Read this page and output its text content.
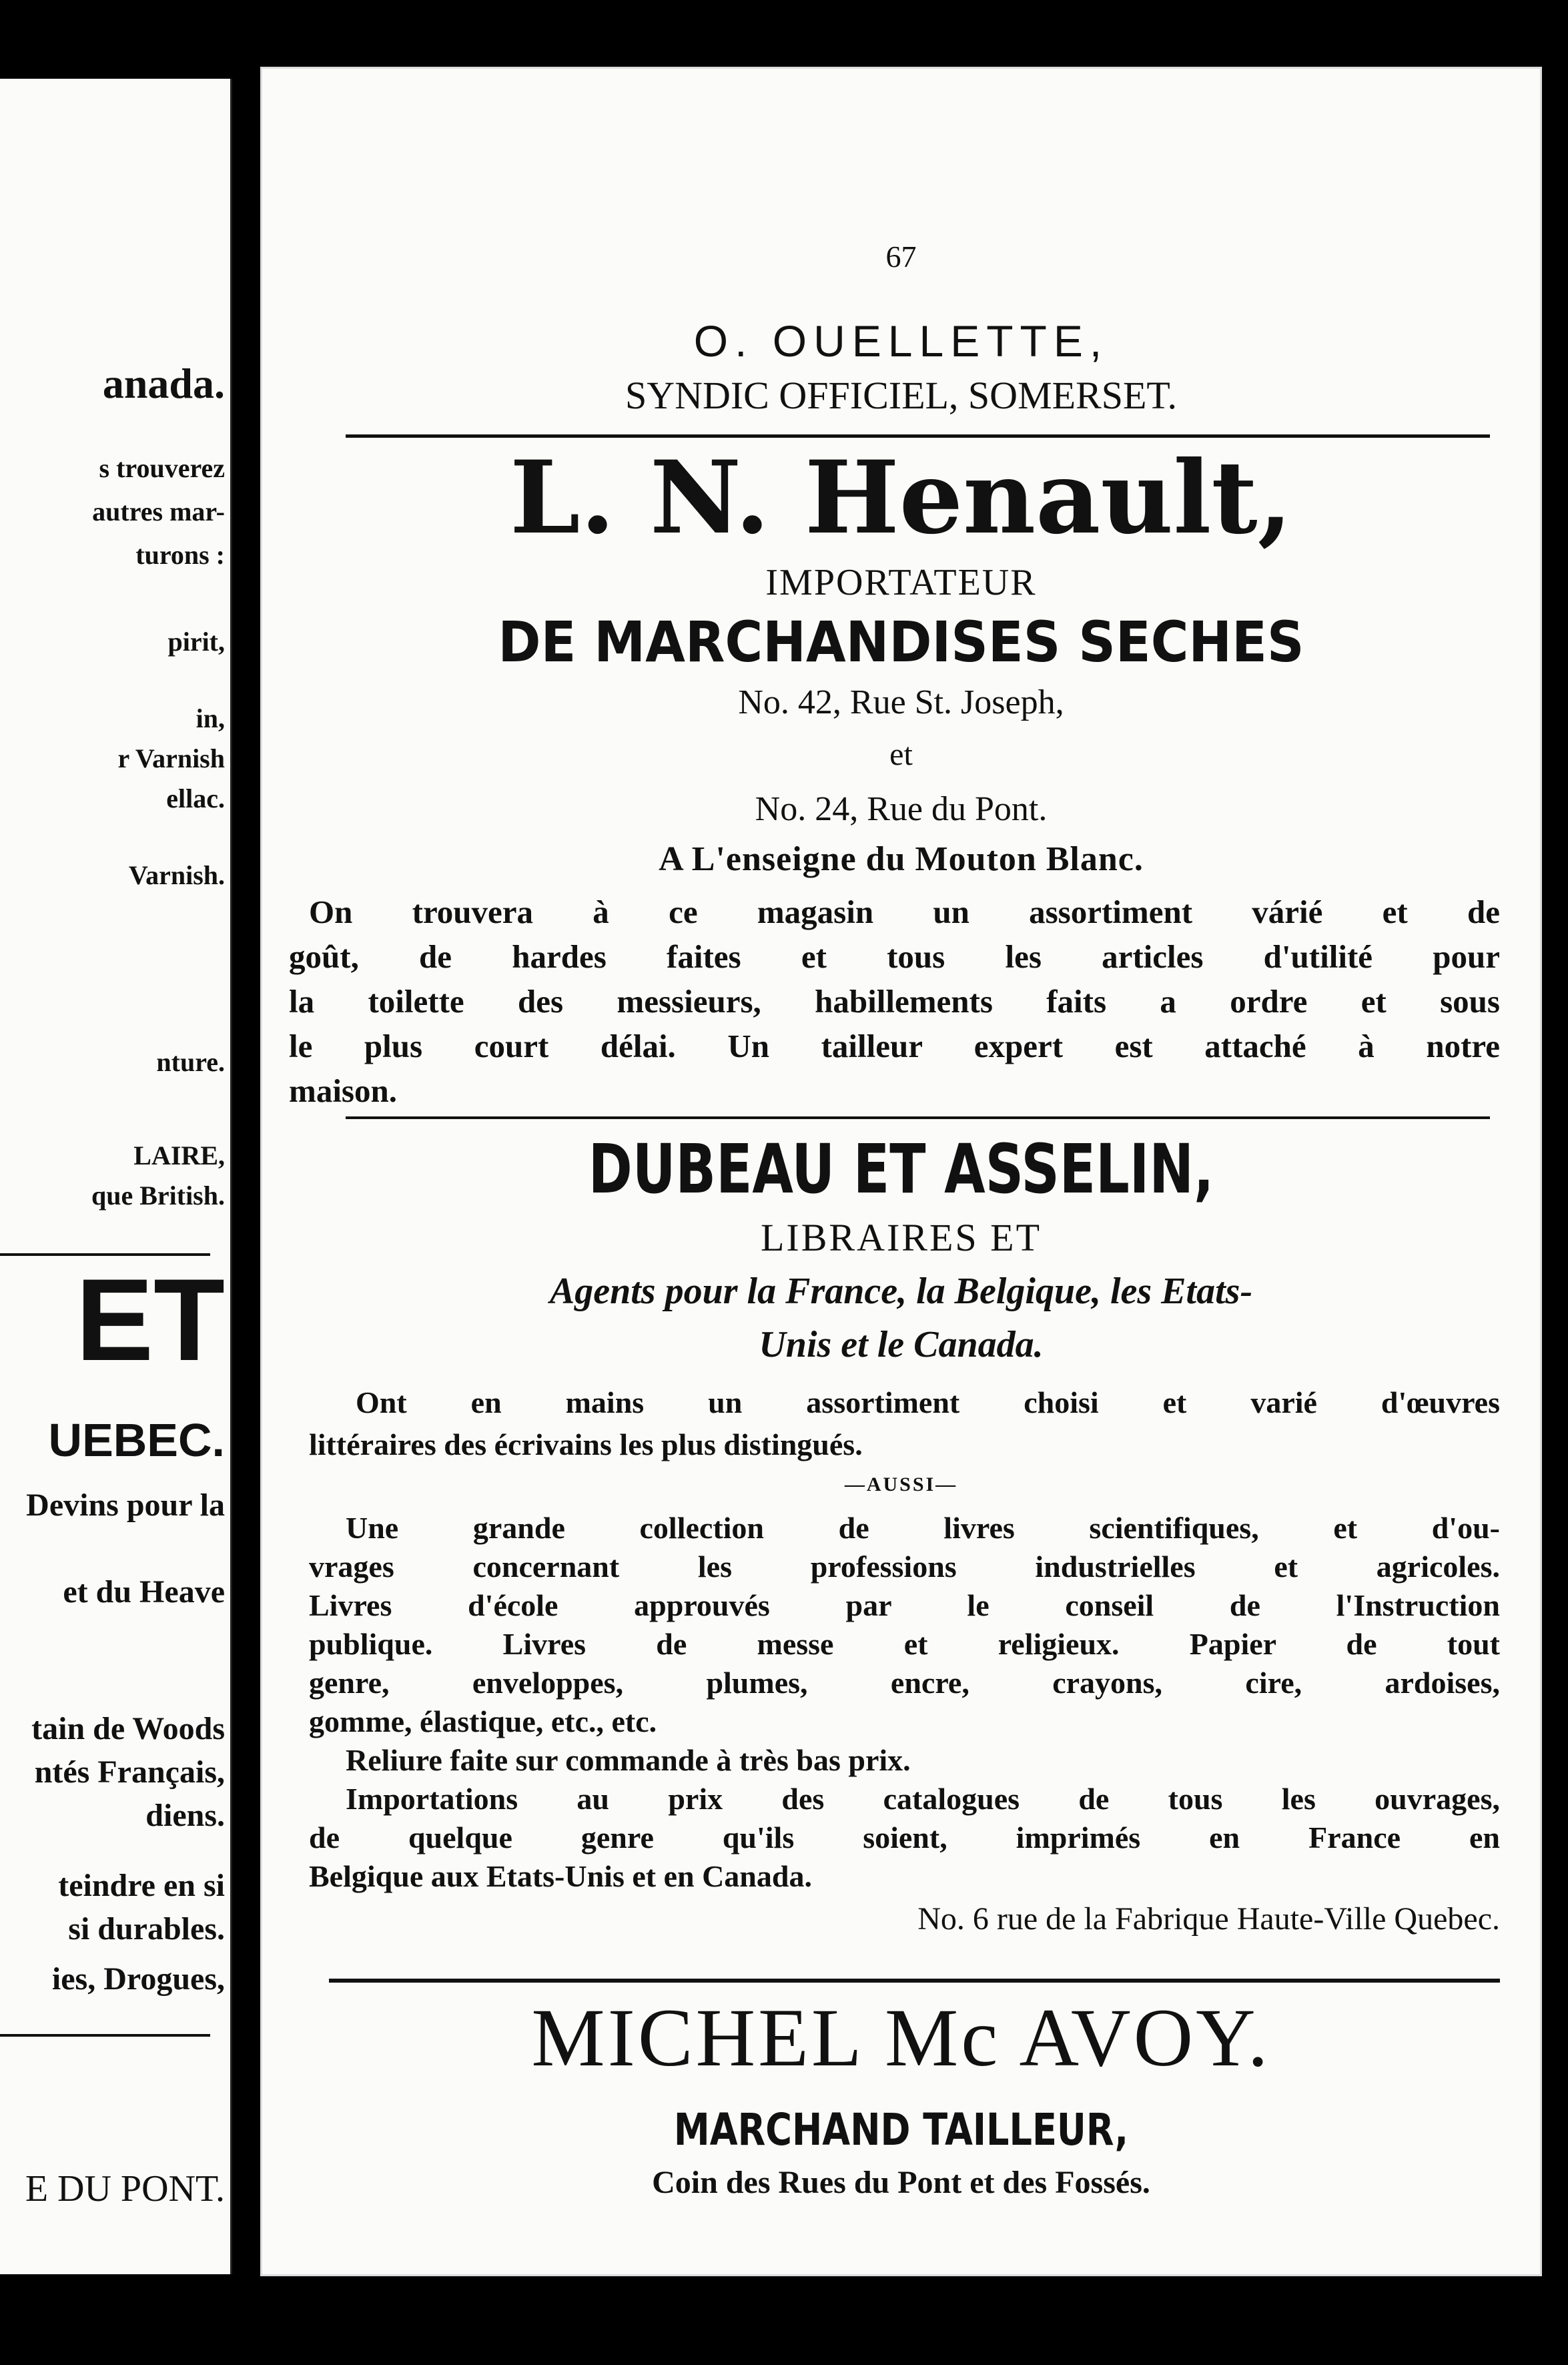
anada.
s trouverez
autres mar-
turons :
pirit,
in,
r Varnish
ellac.
Varnish.
nture.
LAIRE,
que British.
ET
UEBEC.
Devins pour la
et du Heave
tain de Woods
ntés Français,
diens.
teindre en si
si durables.
ies, Drogues,
E DU PONT.
67
O. OUELLETTE,
SYNDIC OFFICIEL, SOMERSET.
L. N. Henault,
IMPORTATEUR
DE MARCHANDISES SECHES
No. 42, Rue St. Joseph,
et
No. 24, Rue du Pont.
A L'enseigne du Mouton Blanc.
On trouvera à ce magasin un assortiment várié et de
goût, de hardes faites et tous les articles d'utilité pour
la toilette des messieurs, habillements faits a ordre et sous
le plus court délai. Un tailleur expert est attaché à notre
maison.
DUBEAU ET ASSELIN,
LIBRAIRES ET
Agents pour la France, la Belgique, les Etats-
Unis et le Canada.
Ont en mains un assortiment choisi et varié d'œuvres
littéraires des écrivains les plus distingués.
—AUSSI—
Une grande collection de livres scientifiques, et d'ou-
vrages concernant les professions industrielles et agricoles.
Livres d'école approuvés par le conseil de l'Instruction
publique. Livres de messe et religieux. Papier de tout
genre, enveloppes, plumes, encre, crayons, cire, ardoises,
gomme, élastique, etc., etc.
Reliure faite sur commande à très bas prix.
Importations au prix des catalogues de tous les ouvrages,
de quelque genre qu'ils soient, imprimés en France en
Belgique aux Etats-Unis et en Canada.
No. 6 rue de la Fabrique Haute-Ville Quebec.
MICHEL Mc AVOY.
MARCHAND TAILLEUR,
Coin des Rues du Pont et des Fossés.
